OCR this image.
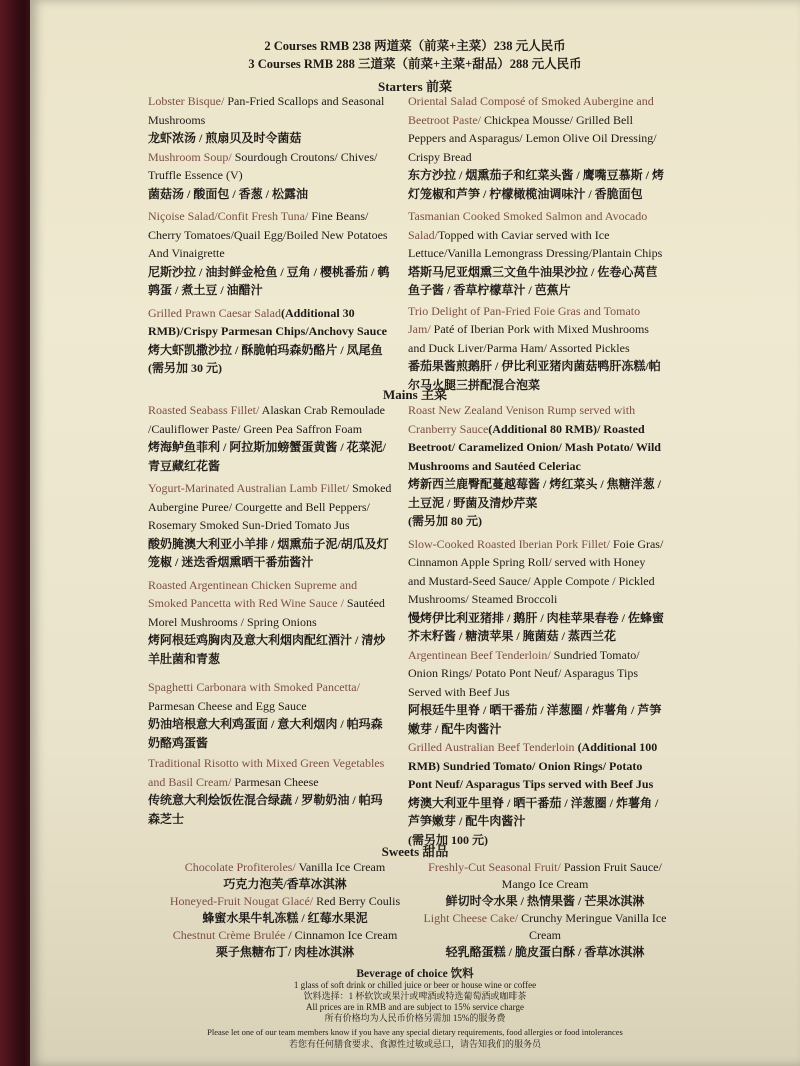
2 Courses RMB 238 两道菜（前菜+主菜）238 元人民币
3 Courses RMB 288 三道菜（前菜+主菜+甜品）288 元人民币
Starters 前菜
Lobster Bisque/ Pan-Fried Scallops and Seasonal Mushrooms
龙虾浓汤 / 煎扇贝及时令菌菇
Mushroom Soup/ Sourdough Croutons/ Chives/ Truffle Essence (V)
菌菇汤 / 酸面包 / 香葱 / 松露油
Niçoise Salad/Confit Fresh Tuna/ Fine Beans/ Cherry Tomatoes/Quail Egg/Boiled New Potatoes And Vinaigrette
尼斯沙拉 / 油封鲜金枪鱼 / 豆角 / 樱桃番茄 / 鹌鹑蛋 / 煮土豆 / 油醋汁
Grilled Prawn Caesar Salad(Additional 30 RMB)/Crispy Parmesan Chips/Anchovy Sauce
烤大虾凯撒沙拉 / 酥脆帕玛森奶酪片 / 凤尾鱼
(需另加 30 元)
Oriental Salad Composé of Smoked Aubergine and Beetroot Paste/ Chickpea Mousse/ Grilled Bell Peppers and Asparagus/ Lemon Olive Oil Dressing/ Crispy Bread
东方沙拉 / 烟熏茄子和红菜头酱 / 鹰嘴豆慕斯 / 烤灯笼椒和芦笋 / 柠檬橄榄油调味汁 / 香脆面包
Tasmanian Cooked Smoked Salmon and Avocado Salad/Topped with Caviar served with Ice Lettuce/Vanilla Lemongrass Dressing/Plantain Chips
塔斯马尼亚烟熏三文鱼牛油果沙拉 / 佐卷心莴苣鱼子酱 / 香草柠檬草汁 / 芭蕉片
Trio Delight of Pan-Fried Foie Gras and Tomato Jam/ Paté of Iberian Pork with Mixed Mushrooms and Duck Liver/Parma Ham/ Assorted Pickles
番茄果酱煎鹅肝 / 伊比利亚猪肉菌菇鸭肝冻糕/帕尔马火腿三拼配混合泡菜
Mains 主菜
Roasted Seabass Fillet/ Alaskan Crab Remoulade /Cauliflower Paste/ Green Pea Saffron Foam
烤海鲈鱼菲利 / 阿拉斯加螃蟹蛋黄酱 / 花菜泥/青豆藏红花酱
Yogurt-Marinated Australian Lamb Fillet/ Smoked Aubergine Puree/ Courgette and Bell Peppers/ Rosemary Smoked Sun-Dried Tomato Jus
酸奶腌澳大利亚小羊排 / 烟熏茄子泥/胡瓜及灯笼椒 / 迷迭香烟熏晒干番茄酱汁
Roasted Argentinean Chicken Supreme and Smoked Pancetta with Red Wine Sauce / Sautéed Morel Mushrooms / Spring Onions
烤阿根廷鸡胸肉及意大利烟肉配红酒汁 / 清炒羊肚菌和青葱
Spaghetti Carbonara with Smoked Pancetta/ Parmesan Cheese and Egg Sauce
奶油培根意大利鸡蛋面 / 意大利烟肉 / 帕玛森奶酪鸡蛋酱
Traditional Risotto with Mixed Green Vegetables and Basil Cream/ Parmesan Cheese
传统意大利烩饭佐混合绿蔬 / 罗勒奶油 / 帕玛森芝士
Roast New Zealand Venison Rump served with Cranberry Sauce(Additional 80 RMB)/ Roasted Beetroot/ Caramelized Onion/ Mash Potato/ Wild Mushrooms and Sautéed Celeriac
烤新西兰鹿臀配蔓越莓酱 / 烤红菜头 / 焦糖洋葱 / 土豆泥 / 野菌及清炒芹菜
(需另加 80 元)
Slow-Cooked Roasted Iberian Pork Fillet/ Foie Gras/ Cinnamon Apple Spring Roll/ served with Honey and Mustard-Seed Sauce/ Apple Compote / Pickled Mushrooms/ Steamed Broccoli
慢烤伊比利亚猪排 / 鹅肝 / 肉桂苹果春卷 / 佐蜂蜜芥末籽酱 / 糖渍苹果 / 腌菌菇 / 蒸西兰花
Argentinean Beef Tenderloin/ Sundried Tomato/ Onion Rings/ Potato Pont Neuf/ Asparagus Tips Served with Beef Jus
阿根廷牛里脊 / 晒干番茄 / 洋葱圈 / 炸薯角 / 芦笋嫩芽 / 配牛肉酱汁
Grilled Australian Beef Tenderloin (Additional 100 RMB) Sundried Tomato/ Onion Rings/ Potato Pont Neuf/ Asparagus Tips served with Beef Jus
烤澳大利亚牛里脊 / 晒干番茄 / 洋葱圈 / 炸薯角 / 芦笋嫩芽 / 配牛肉酱汁
(需另加 100 元)
Sweets 甜品
Chocolate Profiteroles/ Vanilla Ice Cream
巧克力泡芙/香草冰淇淋
Honeyed-Fruit Nougat Glacé/ Red Berry Coulis
蜂蜜水果牛轧冻糕 / 红莓水果泥
Chestnut Crème Brulée / Cinnamon Ice Cream
栗子焦糖布丁/ 肉桂冰淇淋
Freshly-Cut Seasonal Fruit/ Passion Fruit Sauce/ Mango Ice Cream
鲜切时令水果 / 热情果酱 / 芒果冰淇淋
Light Cheese Cake/ Crunchy Meringue Vanilla Ice Cream
轻乳酪蛋糕 / 脆皮蛋白酥 / 香草冰淇淋
Beverage of choice 饮料
1 glass of soft drink or chilled juice or beer or house wine or coffee
饮料选择：1 杯软饮或果汁或啤酒或特选葡萄酒或咖啡茶
All prices are in RMB and are subject to 15% service charge
所有价格均为人民币价格另需加 15%的服务费
Please let one of our team members know if you have any special dietary requirements, food allergies or food intolerances
若您有任何膳食要求、食源性过敏或忌口，请告知我们的服务员
